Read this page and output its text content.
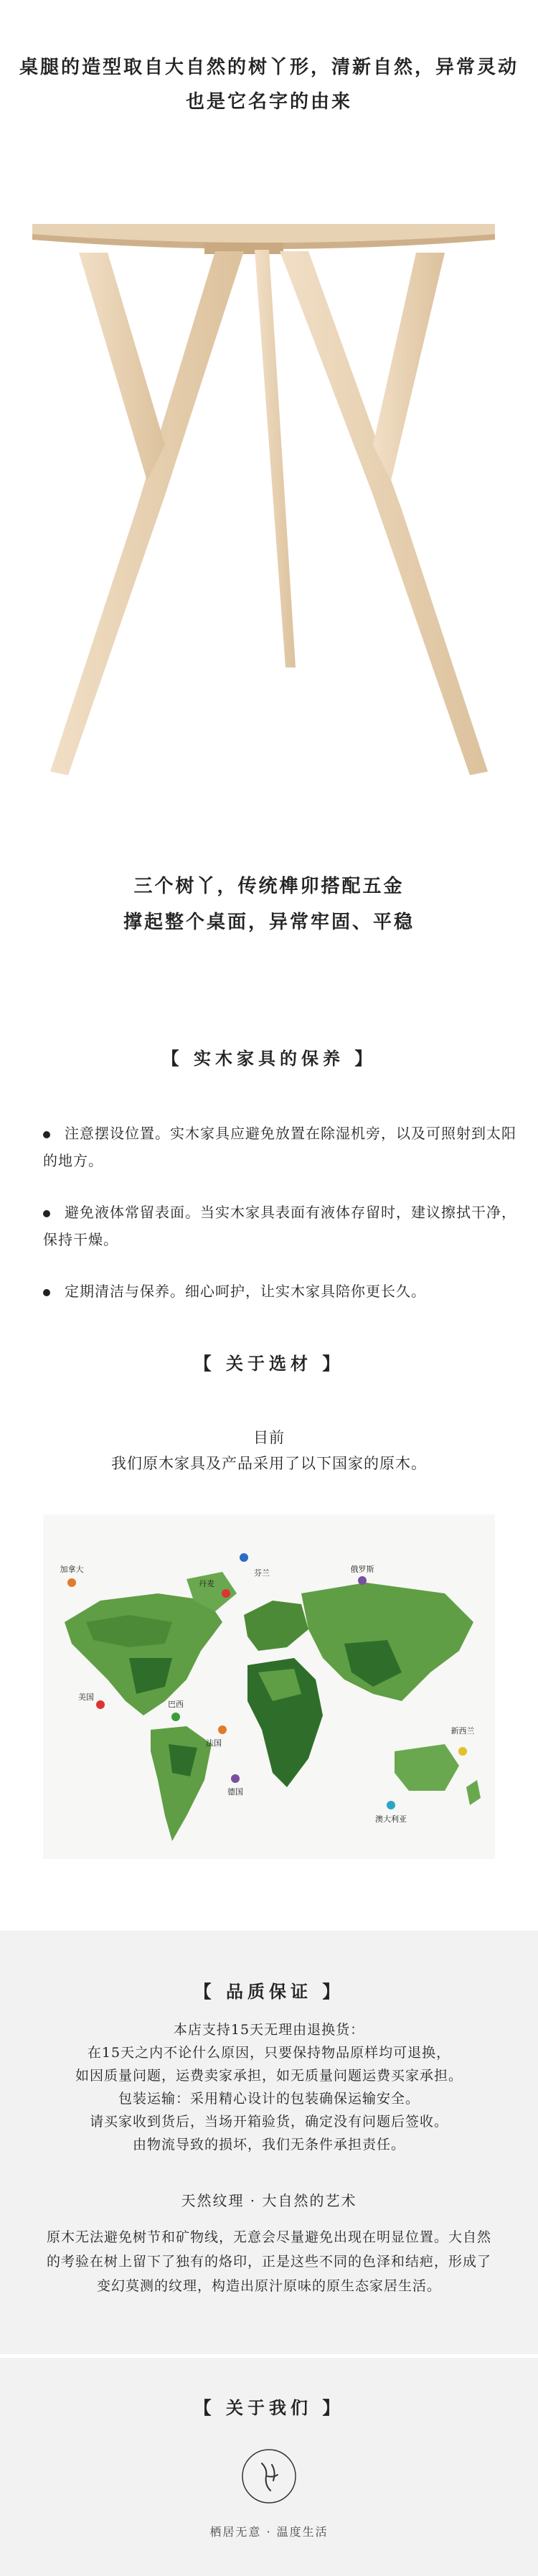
桌腿的造型取自大自然的树丫形，清新自然，异常灵动
也是它名字的由来
三个树丫，传统榫卯搭配五金
撑起整个桌面，异常牢固、平稳
【 实木家具的保养 】
注意摆设位置。实木家具应避免放置在除湿机旁，以及可照射到太阳的地方。
避免液体常留表面。当实木家具表面有液体存留时，建议擦拭干净，保持干燥。
定期清洁与保养。细心呵护，让实木家具陪你更长久。
【 关于选材 】
目前
我们原木家具及产品采用了以下国家的原木。
加拿大
丹麦
芬兰	俄罗斯
美国
巴西
法国
德国
新西兰
澳大利亚
【 品质保证 】
本店支持15天无理由退换货：
在15天之内不论什么原因，只要保持物品原样均可退换，
如因质量问题，运费卖家承担，如无质量问题运费买家承担。
包装运输：采用精心设计的包装确保运输安全。
请买家收到货后，当场开箱验货，确定没有问题后签收。
由物流导致的损坏，我们无条件承担责任。
天然纹理 · 大自然的艺术
原木无法避免树节和矿物线，无意会尽量避免出现在明显位置。大自然的考验在树上留下了独有的烙印，正是这些不同的色泽和结疤，形成了变幻莫测的纹理，构造出原汁原味的原生态家居生活。
【 关于我们 】
栖居无意 · 温度生活
